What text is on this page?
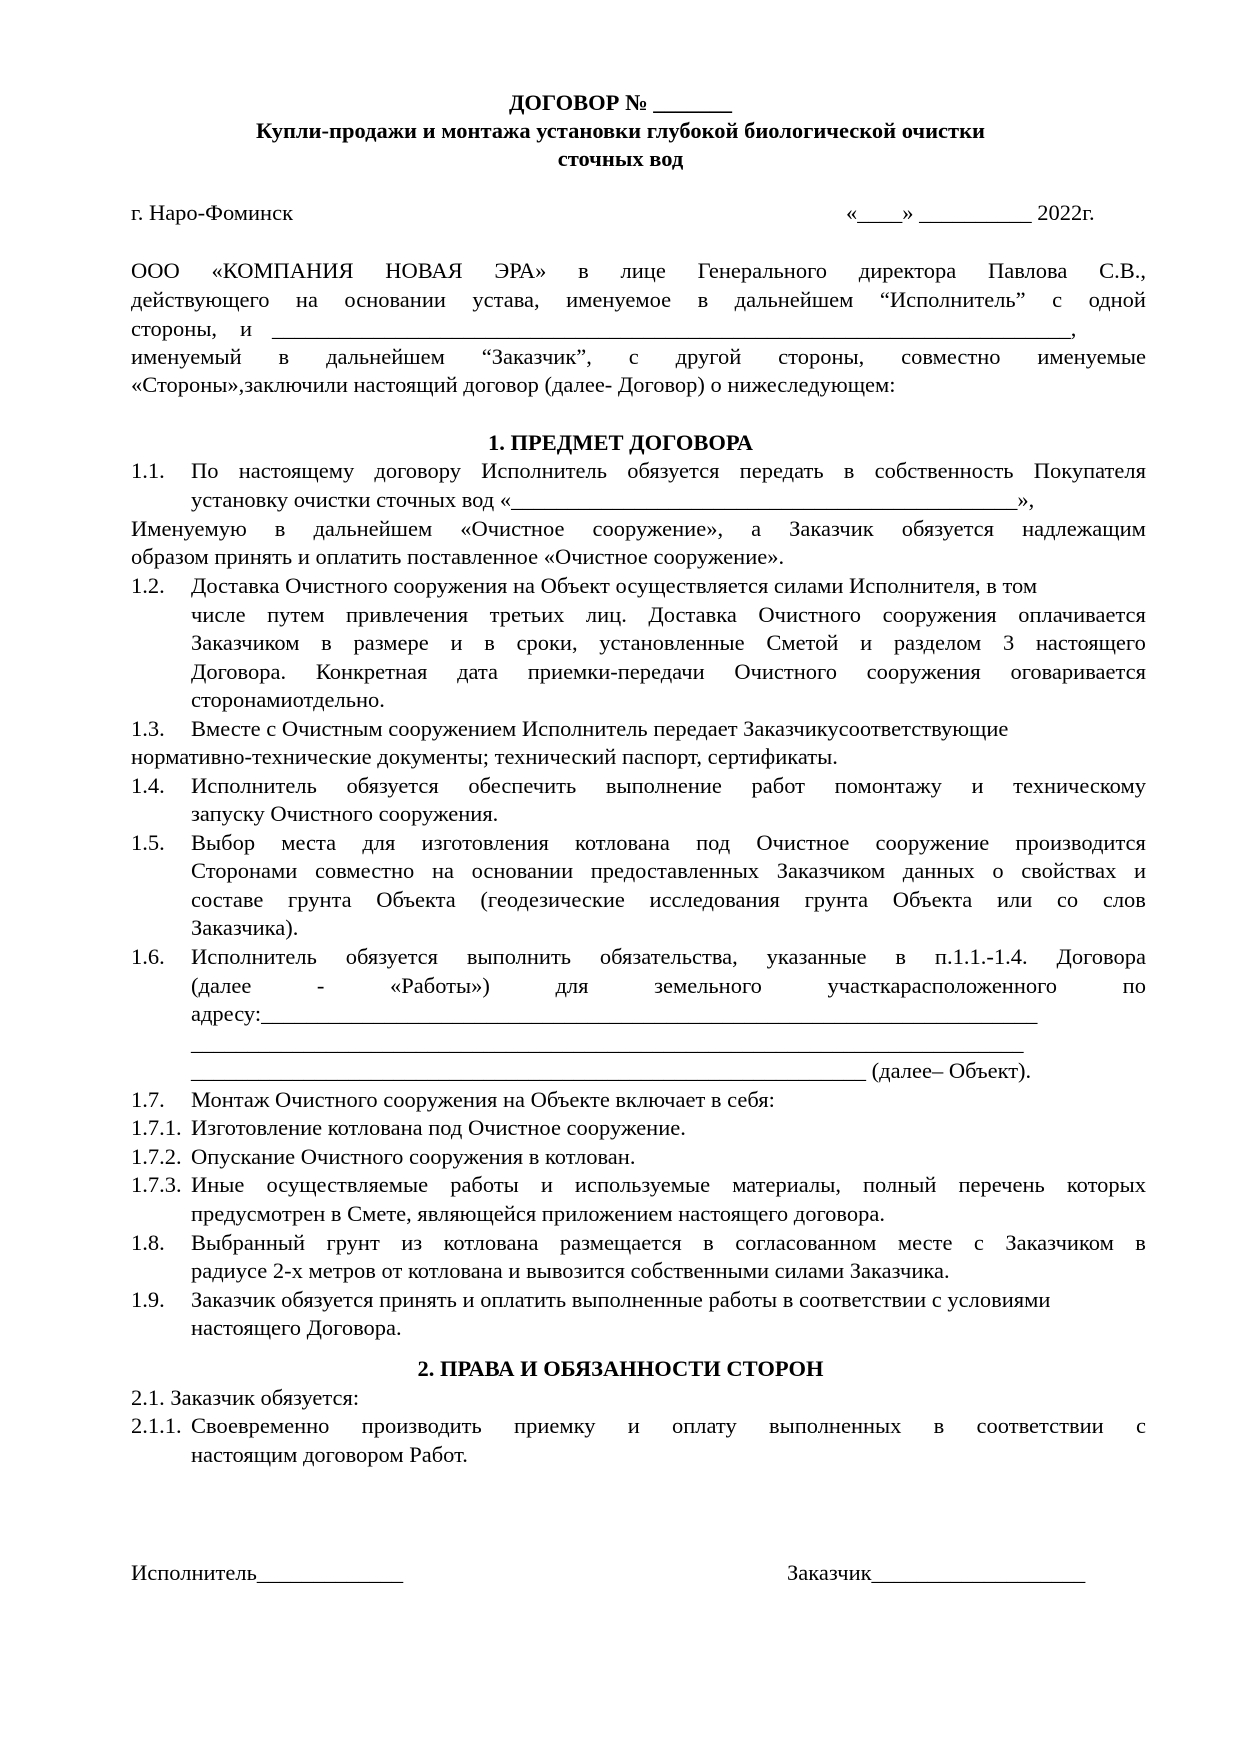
ДОГОВОР № _______
Купли-продажи и монтажа установки глубокой биологической очистки
сточных вод
г. Наро-Фоминск	«____» __________ 2022г.
ООО «КОМПАНИЯ НОВАЯ ЭРА» в лице Генерального директора Павлова С.В.,
действующего на основании устава, именуемое в дальнейшем “Исполнитель” с одной
стороны, и _______________________________________________________________________,
именуемый в дальнейшем “Заказчик”, с другой стороны, совместно именуемые
«Стороны»,заключили настоящий договор (далее- Договор) о нижеследующем:
1. ПРЕДМЕТ ДОГОВОРА
1.1. По настоящему договору Исполнитель обязуется передать в собственность Покупателя
установку очистки сточных вод «_____________________________________________»,
Именуемую в дальнейшем «Очистное сооружение», а Заказчик обязуется надлежащим
образом принять и оплатить поставленное «Очистное сооружение».
1.2. Доставка Очистного сооружения на Объект осуществляется силами Исполнителя, в том
числе путем привлечения третьих лиц. Доставка Очистного сооружения оплачивается
Заказчиком в размере и в сроки, установленные Сметой и разделом 3 настоящего
Договора. Конкретная дата приемки-передачи Очистного сооружения оговаривается
сторонамиотдельно.
1.3. Вместе с Очистным сооружением Исполнитель передает Заказчикусоответствующие
нормативно-технические документы; технический паспорт, сертификаты.
1.4. Исполнитель обязуется обеспечить выполнение работ помонтажу и техническому
запуску Очистного сооружения.
1.5. Выбор места для изготовления котлована под Очистное сооружение производится
Сторонами совместно на основании предоставленных Заказчиком данных о свойствах и
составе грунта Объекта (геодезические исследования грунта Объекта или со слов
Заказчика).
1.6. Исполнитель обязуется выполнить обязательства, указанные в п.1.1.-1.4. Договора
(далее	-	«Работы»)	для	земельного	участкарасположенного	по
адресу:_____________________________________________________________________
__________________________________________________________________________
____________________________________________________________ (далее– Объект).
1.7. Монтаж Очистного сооружения на Объекте включает в себя:
1.7.1. Изготовление котлована под Очистное сооружение.
1.7.2. Опускание Очистного сооружения в котлован.
1.7.3. Иные осуществляемые работы и используемые материалы, полный перечень которых
предусмотрен в Смете, являющейся приложением настоящего договора.
1.8. Выбранный грунт из котлована размещается в согласованном месте с Заказчиком в
радиусе 2-х метров от котлована и вывозится собственными силами Заказчика.
1.9. Заказчик обязуется принять и оплатить выполненные работы в соответствии с условиями
настоящего Договора.
2. ПРАВА И ОБЯЗАННОСТИ СТОРОН
2.1. Заказчик обязуется:
2.1.1. Своевременно производить приемку и оплату выполненных в соответствии с
настоящим договором Работ.
Исполнитель_____________	Заказчик___________________
